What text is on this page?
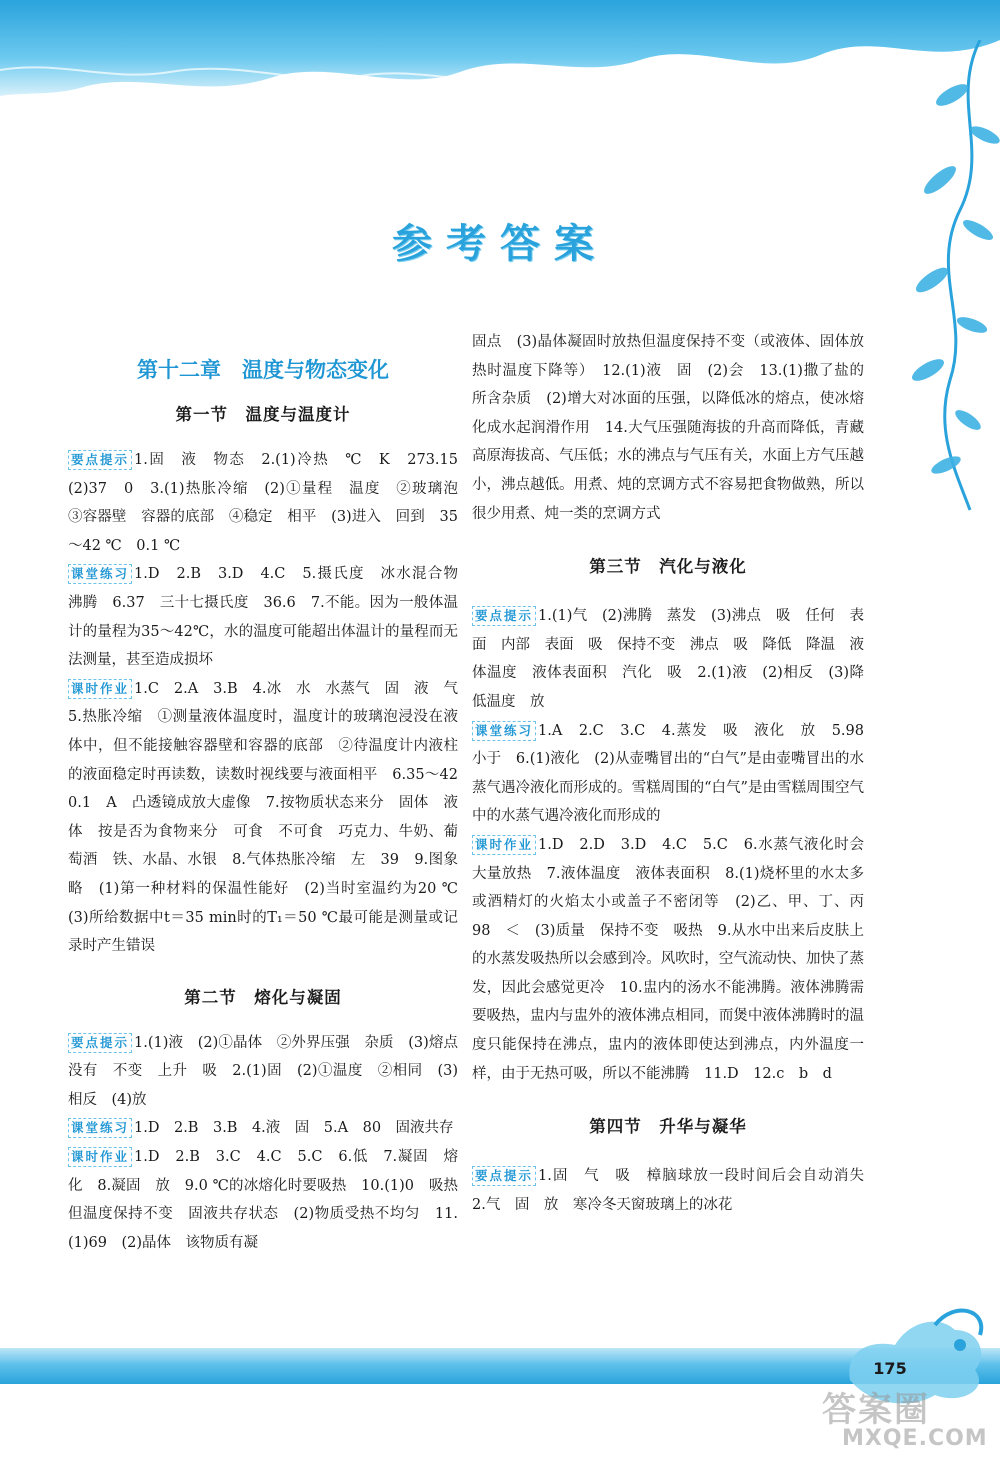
参考答案
第十二章　温度与物态变化
第一节　温度与温度计

要点提示 1.固　液　物态　2.(1)冷热　℃　K　273.15　(2)37　0　3.(1)热胀冷缩　(2)①量程　温度　②玻璃泡　③容器壁　容器的底部　④稳定　相平　(3)进入　回到　35～42 ℃　0.1 ℃

课堂练习 1.D　2.B　3.D　4.C　5.摄氏度　冰水混合物　沸腾　6.37　三十七摄氏度　36.6　7.不能。因为一般体温计的量程为35～42℃，水的温度可能超出体温计的量程而无法测量，甚至造成损坏

课时作业 1.C　2.A　3.B　4.冰　水　水蒸气　固　液　气　5.热胀冷缩　①测量液体温度时，温度计的玻璃泡浸没在液体中，但不能接触容器壁和容器的底部　②待温度计内液柱的液面稳定时再读数，读数时视线要与液面相平　6.35～42　0.1　A　凸透镜成放大虚像　7.按物质状态来分　固体　液体　按是否为食物来分　可食　不可食　巧克力、牛奶、葡萄酒　铁、水晶、水银　8.气体热胀冷缩　左　39　9.图象略　(1)第一种材料的保温性能好　(2)当时室温约为20 ℃　(3)所给数据中t＝35 min时的T₁＝50 ℃最可能是测量或记录时产生错误

第二节　熔化与凝固

要点提示 1.(1)液　(2)①晶体　②外界压强　杂质　(3)熔点　没有　不变　上升　吸　2.(1)固　(2)①温度　②相同　(3)相反　(4)放

课堂练习 1.D　2.B　3.B　4.液　固　5.A　80　固液共存

课时作业 1.D　2.B　3.C　4.C　5.C　6.低　7.凝固　熔化　8.凝固　放　9.0 ℃的冰熔化时要吸热　10.(1)0　吸热但温度保持不变　固液共存状态　(2)物质受热不均匀　11.(1)69　(2)晶体　该物质有凝

固点　(3)晶体凝固时放热但温度保持不变（或液体、固体放热时温度下降等）　12.(1)液　固　(2)会　13.(1)撒了盐的　所含杂质　(2)增大对冰面的压强，以降低冰的熔点，使冰熔化成水起润滑作用　14.大气压强随海拔的升高而降低，青藏高原海拔高、气压低；水的沸点与气压有关，水面上方气压越小，沸点越低。用煮、炖的烹调方式不容易把食物做熟，所以很少用煮、炖一类的烹调方式

第三节　汽化与液化

要点提示 1.(1)气　(2)沸腾　蒸发　(3)沸点　吸　任何　表面　内部　表面　吸　保持不变　沸点　吸　降低　降温　液体温度　液体表面积　汽化　吸　2.(1)液　(2)相反　(3)降低温度　放

课堂练习 1.A　2.C　3.C　4.蒸发　吸　液化　放　5.98　小于　6.(1)液化　(2)从壶嘴冒出的“白气”是由壶嘴冒出的水蒸气遇冷液化而形成的。雪糕周围的“白气”是由雪糕周围空气中的水蒸气遇冷液化而形成的

课时作业 1.D　2.D　3.D　4.C　5.C　6.水蒸气液化时会大量放热　7.液体温度　液体表面积　8.(1)烧杯里的水太多或酒精灯的火焰太小或盖子不密闭等　(2)乙、甲、丁、丙　98　＜　(3)质量　保持不变　吸热　9.从水中出来后皮肤上的水蒸发吸热所以会感到冷。风吹时，空气流动快、加快了蒸发，因此会感觉更冷　10.盅内的汤水不能沸腾。液体沸腾需要吸热，盅内与盅外的液体沸点相同，而煲中液体沸腾时的温度只能保持在沸点，盅内的液体即使达到沸点，内外温度一样，由于无热可吸，所以不能沸腾　11.D　12.c　b　d

第四节　升华与凝华

要点提示 1.固　气　吸　樟脑球放一段时间后会自动消失　2.气　固　放　寒冷冬天窗玻璃上的冰花

175
答案圈
MXQE.COM
